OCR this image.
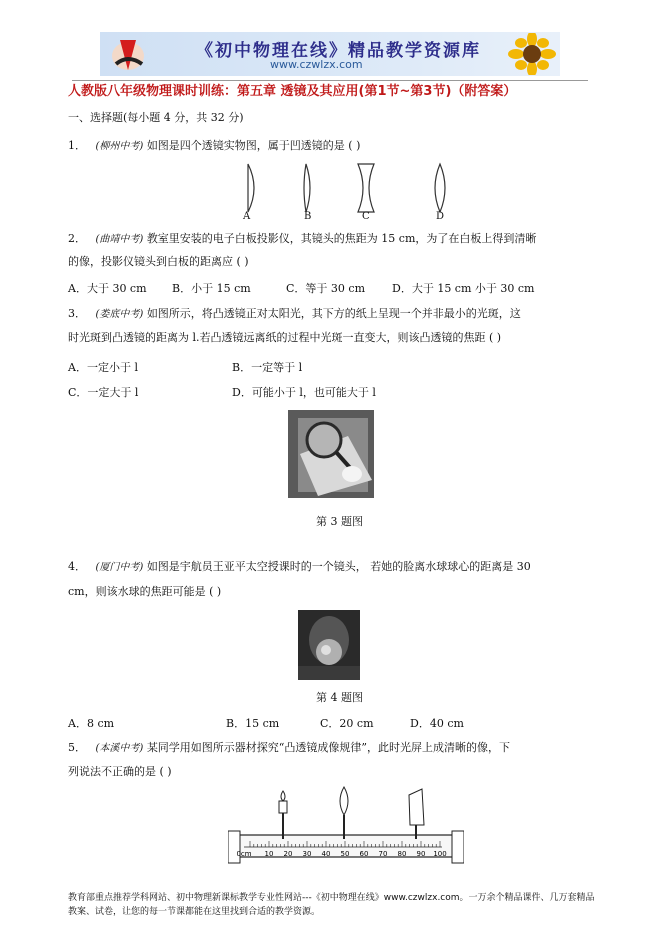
《初中物理在线》精品教学资源库
www.czwlzx.com
人教版八年级物理课时训练：第五章 透镜及其应用(第1节~第3节)（附答案）
一、选择题(每小题 4 分，共 32 分)
1． (柳州中考) 如图是四个透镜实物图，属于凹透镜的是 ( )
A	B	C	D
2． (曲靖中考) 教室里安装的电子白板投影仪，其镜头的焦距为 15 cm，为了在白板上得到清晰
的像，投影仪镜头到白板的距离应 ( )
A．大于 30 cm B．小于 15 cm	C．等于 30 cm D．大于 15 cm 小于 30 cm
3． (娄底中考) 如图所示，将凸透镜正对太阳光，其下方的纸上呈现一个并非最小的光斑，这
时光斑到凸透镜的距离为 l.若凸透镜远离纸的过程中光斑一直变大，则该凸透镜的焦距 ( )
A．一定小于 l	B．一定等于 l
C．一定大于 l	D．可能小于 l，也可能大于 l
第 3 题图
4． (厦门中考) 如图是宇航员王亚平太空授课时的一个镜头， 若她的脸离水球球心的距离是 30
cm，则该水球的焦距可能是 ( )
第 4 题图
A．8 cm	B．15 cm	C．20 cm	D．40 cm
5． (本溪中考) 某同学用如图所示器材探究“凸透镜成像规律”，此时光屏上成清晰的像，下
列说法不正确的是 ( )
0cm 10 20 30 40 50 60 70 80 90 100
教育部重点推荐学科网站、初中物理新课标教学专业性网站---《初中物理在线》www.czwlzx.com。一万余个精品课件、几万套精品教案、试卷，让您的每一节课都能在这里找到合适的教学资源。
